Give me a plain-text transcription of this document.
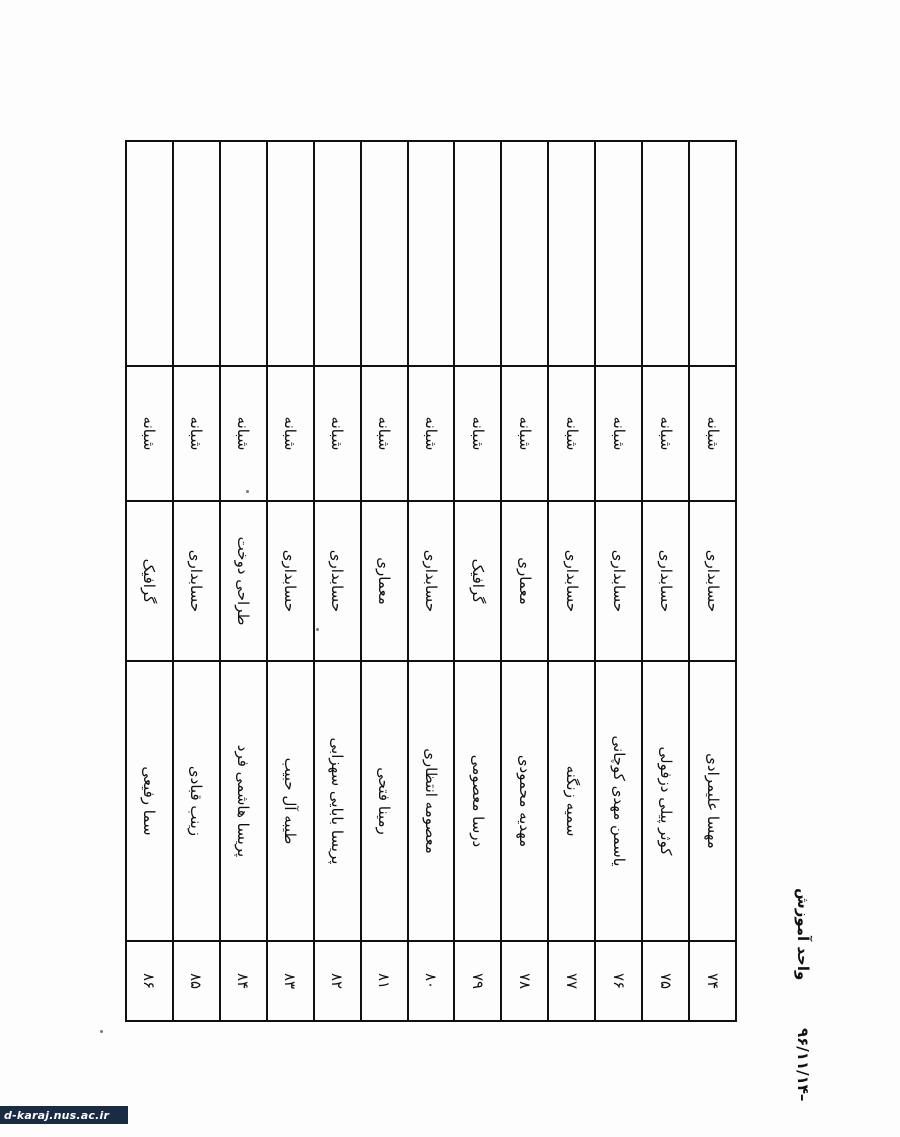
۷۴	مهسا علیمرادی	حسابداری	شبانه	
۷۵	کوثر پیلی دزفولی	حسابداری	شبانه	
۷۶	یاسمن مهدی کوچانی	حسابداری	شبانه	
۷۷	سمیه زنگنه	حسابداری	شبانه	
۷۸	مهدیه محمودی	معماری	شبانه	
۷۹	درسا معصومی	گرافیک	شبانه	
۸۰	معصومه انتظاری	حسابداری	شبانه	
۸۱	رمینا فتحی	معماری	شبانه	
۸۲	پریسا بابایی سهزابی	حسابداری	شبانه	
۸۳	طیبه آل حبیب	حسابداری	شبانه	
۸۴	پریسا هاشمی فرد	طراحی دوخت	شبانه	
۸۵	زینب قبادی	حسابداری	شبانه	
۸۶	سما رفیعی	گرافیک	شبانه	
واحد آموزش
۹۶/۱۱/۱۴–
d-karaj.nus.ac.ir
